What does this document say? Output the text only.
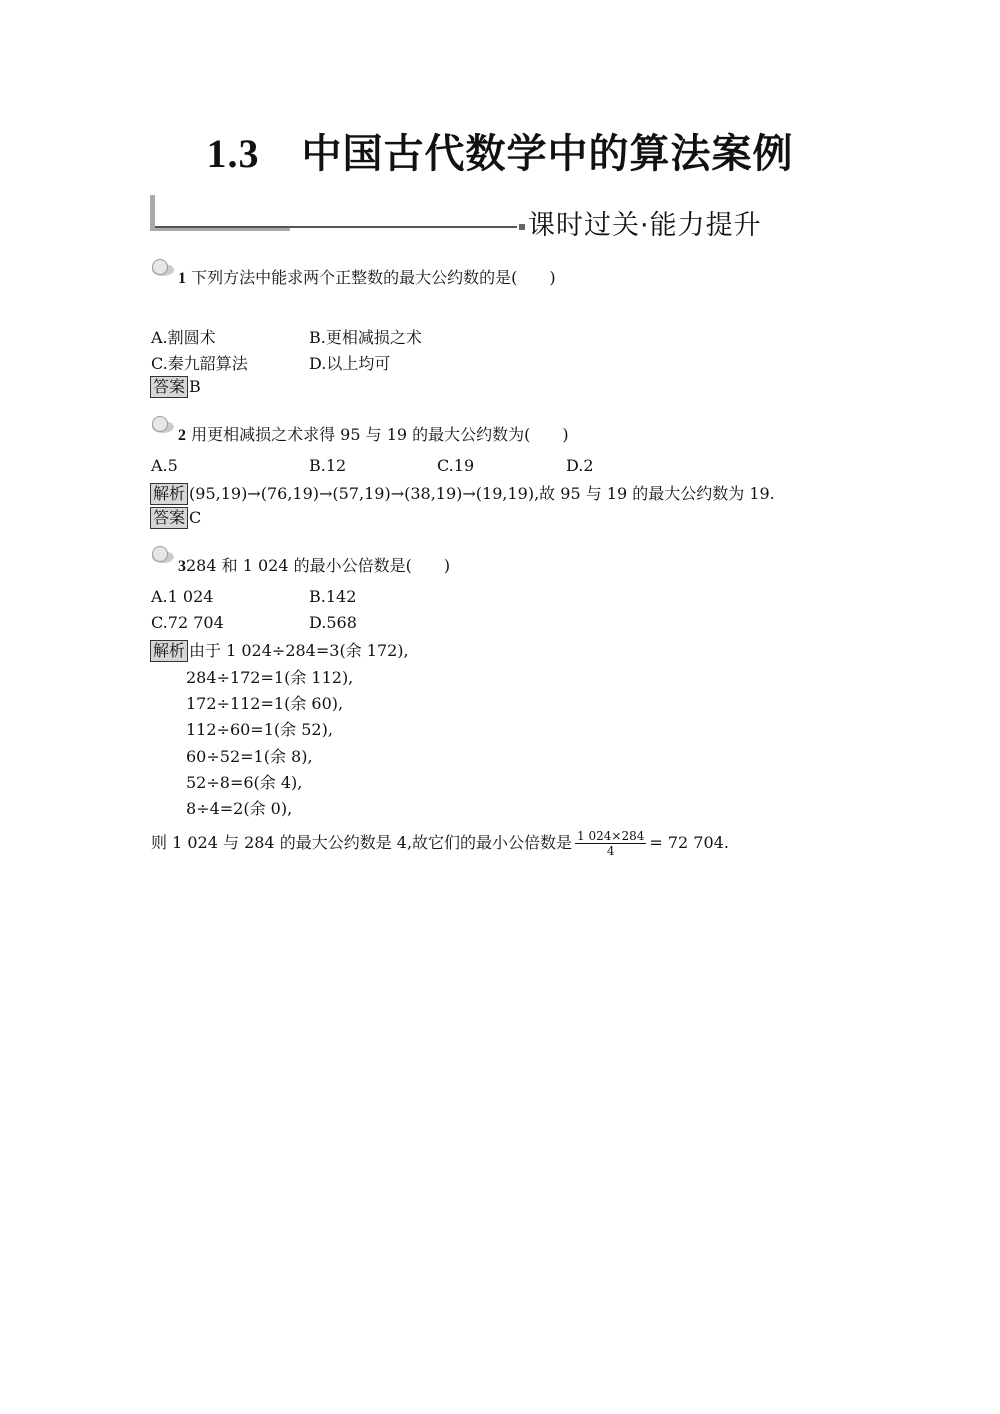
1.3 中国古代数学中的算法案例
课时过关·能力提升
1 下列方法中能求两个正整数的最大公约数的是(　　)
A.割圆术	B.更相减损之术
C.秦九韶算法	D.以上均可
答案 B
2 用更相减损之术求得 95 与 19 的最大公约数为(　　)
A.5	B.12	C.19	D.2
解析 (95,19)→(76,19)→(57,19)→(38,19)→(19,19),故 95 与 19 的最大公约数为 19.
答案 C
3284 和 1 024 的最小公倍数是(　　)
A.1 024	B.142
C.72 704	D.568
解析 由于 1 024÷284=3(余 172),
284÷172=1(余 112),
172÷112=1(余 60),
112÷60=1(余 52),
60÷52=1(余 8),
52÷8=6(余 4),
8÷4=2(余 0),
则 1 024 与 284 的最大公约数是 4,故它们的最小公倍数是 $\frac{1 024\times 284}{4} = 72$ 704.
